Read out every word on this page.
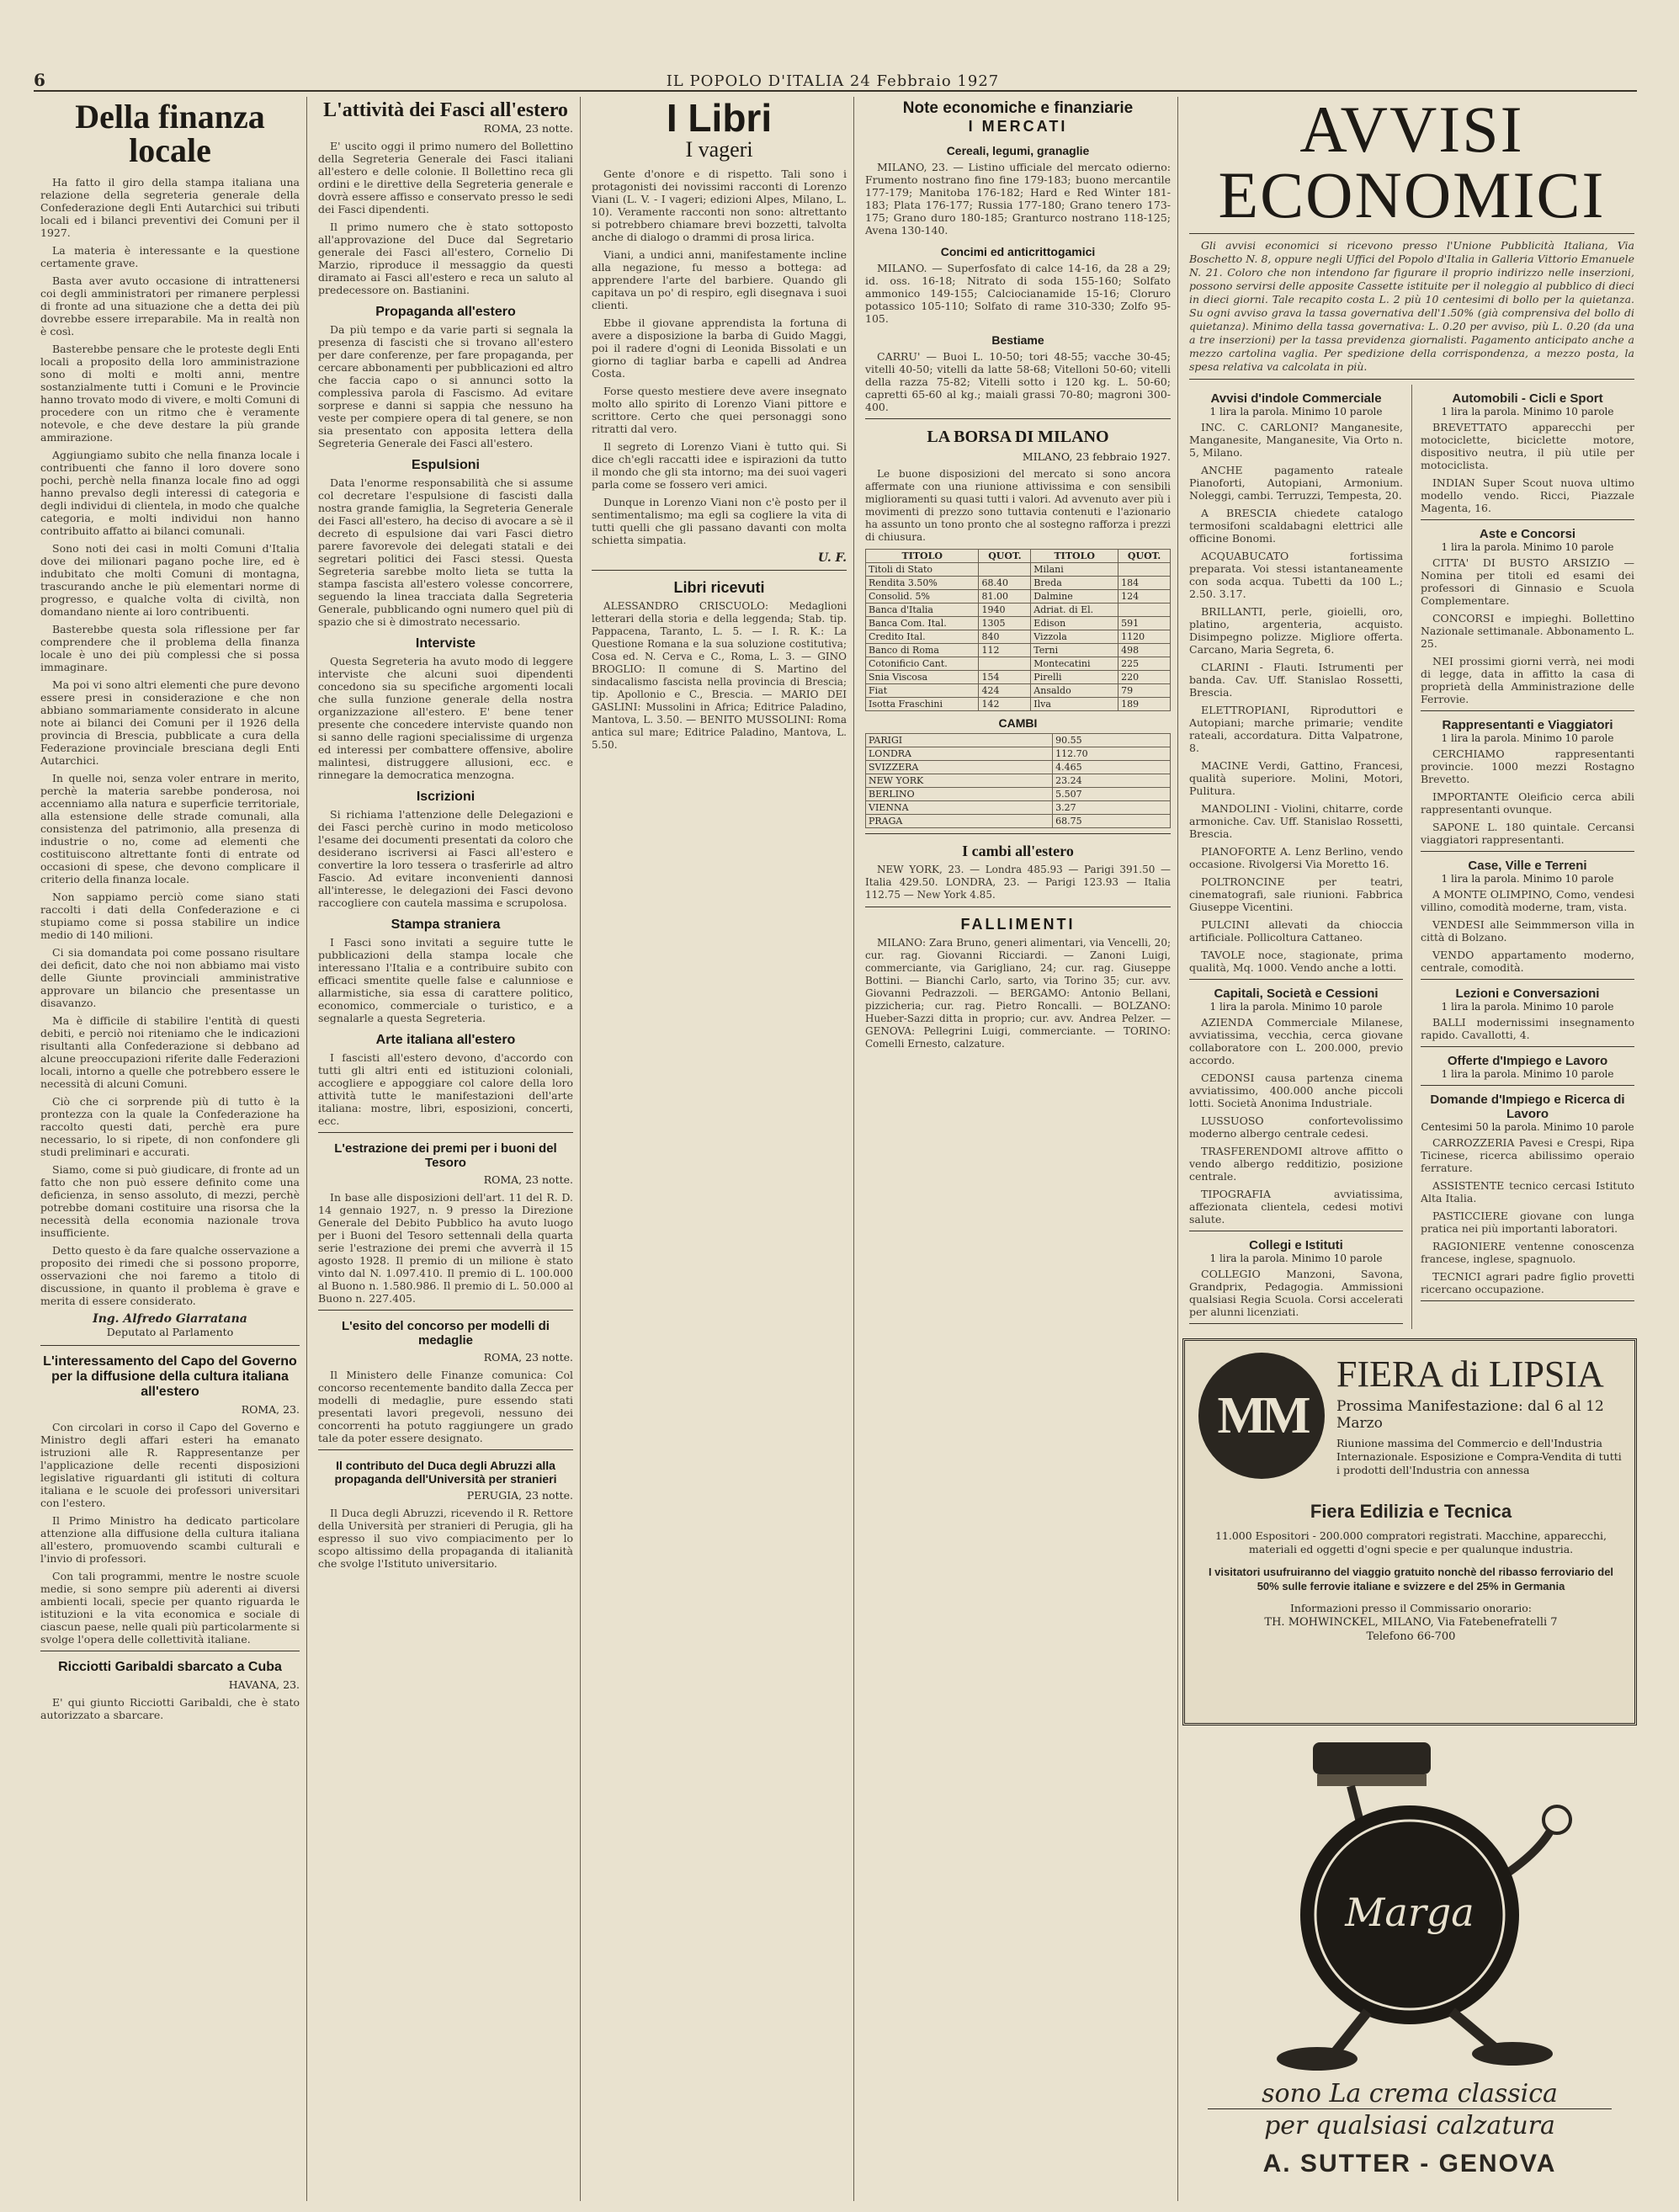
6	IL POPOLO D'ITALIA 24 Febbraio 1927
Della finanza locale

Ha fatto il giro della stampa italiana una relazione della segreteria generale della Confederazione degli Enti Autarchici sui tributi locali ed i bilanci preventivi dei Comuni per il 1927.

La materia è interessante e la questione certamente grave.

Basta aver avuto occasione di intrattenersi coi degli amministratori per rimanere perplessi di fronte ad una situazione che a detta dei più dovrebbe essere irreparabile. Ma in realtà non è così.

Basterebbe pensare che le proteste degli Enti locali a proposito della loro amministrazione sono di molti e molti anni, mentre sostanzialmente tutti i Comuni e le Provincie hanno trovato modo di vivere, e molti Comuni di procedere con un ritmo che è veramente notevole, e che deve destare la più grande ammirazione.

Aggiungiamo subito che nella finanza locale i contribuenti che fanno il loro dovere sono pochi, perchè nella finanza locale fino ad oggi hanno prevalso degli interessi di categoria e degli individui di clientela, in modo che qualche categoria, e molti individui non hanno contribuito affatto ai bilanci comunali.

Sono noti dei casi in molti Comuni d'Italia dove dei milionari pagano poche lire, ed è indubitato che molti Comuni di montagna, trascurando anche le più elementari norme di progresso, e qualche volta di civiltà, non domandano niente ai loro contribuenti.

Basterebbe questa sola riflessione per far comprendere che il problema della finanza locale è uno dei più complessi che si possa immaginare.

Ma poi vi sono altri elementi che pure devono essere presi in considerazione e che non abbiano sommariamente considerato in alcune note ai bilanci dei Comuni per il 1926 della provincia di Brescia, pubblicate a cura della Federazione provinciale bresciana degli Enti Autarchici.

In quelle noi, senza voler entrare in merito, perchè la materia sarebbe ponderosa, noi accenniamo alla natura e superficie territoriale, alla estensione delle strade comunali, alla consistenza del patrimonio, alla presenza di industrie o no, come ad elementi che costituiscono altrettante fonti di entrate od occasioni di spese, che devono complicare il criterio della finanza locale.

Non sappiamo perciò come siano stati raccolti i dati della Confederazione e ci stupiamo come si possa stabilire un indice medio di 140 milioni.

Ci sia domandata poi come possano risultare dei deficit, dato che noi non abbiamo mai visto delle Giunte provinciali amministrative approvare un bilancio che presentasse un disavanzo.

Ma è difficile di stabilire l'entità di questi debiti, e perciò noi riteniamo che le indicazioni risultanti alla Confederazione si debbano ad alcune preoccupazioni riferite dalle Federazioni locali, intorno a quelle che potrebbero essere le necessità di alcuni Comuni.

Ciò che ci sorprende più di tutto è la prontezza con la quale la Confederazione ha raccolto questi dati, perchè era pure necessario, lo si ripete, di non confondere gli studi preliminari e accurati.

Siamo, come si può giudicare, di fronte ad un fatto che non può essere definito come una deficienza, in senso assoluto, di mezzi, perchè potrebbe domani costituire una risorsa che la necessità della economia nazionale trova insufficiente.

Detto questo è da fare qualche osservazione a proposito dei rimedi che si possono proporre, osservazioni che noi faremo a titolo di discussione, in quanto il problema è grave e merita di essere considerato.

Ing. Alfredo Giarratana
Deputato al Parlamento
L'interessamento del Capo del Governo per la diffusione della cultura italiana all'estero
ROMA, 23.

Con circolari in corso il Capo del Governo e Ministro degli affari esteri ha emanato istruzioni alle R. Rappresentanze per l'applicazione delle recenti disposizioni legislative riguardanti gli istituti di coltura italiana e le scuole dei professori universitari con l'estero.

Il Primo Ministro ha dedicato particolare attenzione alla diffusione della cultura italiana all'estero, promuovendo scambi culturali e l'invio di professori.

Con tali programmi, mentre le nostre scuole medie, si sono sempre più aderenti ai diversi ambienti locali, specie per quanto riguarda le istituzioni e la vita economica e sociale di ciascun paese, nelle quali più particolarmente si svolge l'opera delle collettività italiane.

Ricciotti Garibaldi sbarcato a Cuba
HAVANA, 23.

E' qui giunto Ricciotti Garibaldi, che è stato autorizzato a sbarcare.

L'attività dei Fasci all'estero
ROMA, 23 notte.

E' uscito oggi il primo numero del Bollettino della Segreteria Generale dei Fasci italiani all'estero e delle colonie. Il Bollettino reca gli ordini e le direttive della Segreteria generale e dovrà essere affisso e conservato presso le sedi dei Fasci dipendenti.

Il primo numero che è stato sottoposto all'approvazione del Duce dal Segretario generale dei Fasci all'estero, Cornelio Di Marzio, riproduce il messaggio da questi diramato ai Fasci all'estero e reca un saluto al predecessore on. Bastianini.

Propaganda all'estero

Da più tempo e da varie parti si segnala la presenza di fascisti che si trovano all'estero per dare conferenze, per fare propaganda, per cercare abbonamenti per pubblicazioni ed altro che faccia capo o si annunci sotto la complessiva parola di Fascismo. Ad evitare sorprese e danni si sappia che nessuno ha veste per compiere opera di tal genere, se non sia presentato con apposita lettera della Segreteria Generale dei Fasci all'estero.

Espulsioni

Data l'enorme responsabilità che si assume col decretare l'espulsione di fascisti dalla nostra grande famiglia, la Segreteria Generale dei Fasci all'estero, ha deciso di avocare a sè il decreto di espulsione dai vari Fasci dietro parere favorevole dei delegati statali e dei segretari politici dei Fasci stessi. Questa Segreteria sarebbe molto lieta se tutta la stampa fascista all'estero volesse concorrere, seguendo la linea tracciata dalla Segreteria Generale, pubblicando ogni numero quel più di spazio che si è dimostrato necessario.

Interviste

Questa Segreteria ha avuto modo di leggere interviste che alcuni suoi dipendenti concedono sia su specifiche argomenti locali che sulla funzione generale della nostra organizzazione all'estero. E' bene tener presente che concedere interviste quando non si sanno delle ragioni specialissime di urgenza ed interessi per combattere offensive, abolire malintesi, distruggere allusioni, ecc. e rinnegare la democratica menzogna.

Iscrizioni

Si richiama l'attenzione delle Delegazioni e dei Fasci perchè curino in modo meticoloso l'esame dei documenti presentati da coloro che desiderano iscriversi ai Fasci all'estero e convertire la loro tessera o trasferirle ad altro Fascio. Ad evitare inconvenienti dannosi all'interesse, le delegazioni dei Fasci devono raccogliere con cautela massima e scrupolosa.

Stampa straniera

I Fasci sono invitati a seguire tutte le pubblicazioni della stampa locale che interessano l'Italia e a contribuire subito con efficaci smentite quelle false e calunniose e allarmistiche, sia essa di carattere politico, economico, commerciale o turistico, e a segnalarle a questa Segreteria.

Arte italiana all'estero

I fascisti all'estero devono, d'accordo con tutti gli altri enti ed istituzioni coloniali, accogliere e appoggiare col calore della loro attività tutte le manifestazioni dell'arte italiana: mostre, libri, esposizioni, concerti, ecc.

L'estrazione dei premi per i buoni del Tesoro
ROMA, 23 notte.

In base alle disposizioni dell'art. 11 del R. D. 14 gennaio 1927, n. 9 presso la Direzione Generale del Debito Pubblico ha avuto luogo per i Buoni del Tesoro settennali della quarta serie l'estrazione dei premi che avverrà il 15 agosto 1928. Il premio di un milione è stato vinto dal N. 1.097.410. Il premio di L. 100.000 al Buono n. 1.580.986. Il premio di L. 50.000 al Buono n. 227.405.

L'esito del concorso per modelli di medaglie
ROMA, 23 notte.

Il Ministero delle Finanze comunica: Col concorso recentemente bandito dalla Zecca per modelli di medaglie, pure essendo stati presentati lavori pregevoli, nessuno dei concorrenti ha potuto raggiungere un grado tale da poter essere designato.

Il contributo del Duca degli Abruzzi alla propaganda dell'Università per stranieri
PERUGIA, 23 notte.

Il Duca degli Abruzzi, ricevendo il R. Rettore della Università per stranieri di Perugia, gli ha espresso il suo vivo compiacimento per lo scopo altissimo della propaganda di italianità che svolge l'Istituto universitario.

I Libri
I vageri

Gente d'onore e di rispetto. Tali sono i protagonisti dei novissimi racconti di Lorenzo Viani (L. V. - I vageri; edizioni Alpes, Milano, L. 10). Veramente racconti non sono: altrettanto si potrebbero chiamare brevi bozzetti, talvolta anche di dialogo o drammi di prosa lirica.

Viani, a undici anni, manifestamente incline alla negazione, fu messo a bottega: ad apprendere l'arte del barbiere. Quando gli capitava un po' di respiro, egli disegnava i suoi clienti.

Ebbe il giovane apprendista la fortuna di avere a disposizione la barba di Guido Maggi, poi il radere d'ogni di Leonida Bissolati e un giorno di tagliar barba e capelli ad Andrea Costa.

Forse questo mestiere deve avere insegnato molto allo spirito di Lorenzo Viani pittore e scrittore. Certo che quei personaggi sono ritratti dal vero.

Il segreto di Lorenzo Viani è tutto qui. Si dice ch'egli raccatti idee e ispirazioni da tutto il mondo che gli sta intorno; ma dei suoi vageri parla come se fossero veri amici.

Dunque in Lorenzo Viani non c'è posto per il sentimentalismo; ma egli sa cogliere la vita di tutti quelli che gli passano davanti con molta schietta simpatia.

U. F.
Libri ricevuti

ALESSANDRO CRISCUOLO: Medaglioni letterari della storia e della leggenda; Stab. tip. Pappacena, Taranto, L. 5. — I. R. K.: La Questione Romana e la sua soluzione costitutiva; Cosa ed. N. Cerva e C., Roma, L. 3. — GINO BROGLIO: Il comune di S. Martino del sindacalismo fascista nella provincia di Brescia; tip. Apollonio e C., Brescia. — MARIO DEI GASLINI: Mussolini in Africa; Editrice Paladino, Mantova, L. 3.50. — BENITO MUSSOLINI: Roma antica sul mare; Editrice Paladino, Mantova, L. 5.50.

Note economiche e finanziarie
I MERCATI
Cereali, legumi, granaglie

MILANO, 23. — Listino ufficiale del mercato odierno: Frumento nostrano fino fine 179-183; buono mercantile 177-179; Manitoba 176-182; Hard e Red Winter 181-183; Plata 176-177; Russia 177-180; Grano tenero 173-175; Grano duro 180-185; Granturco nostrano 118-125; Avena 130-140.

Concimi ed anticrittogamici

MILANO. — Superfosfato di calce 14-16, da 28 a 29; id. oss. 16-18; Nitrato di soda 155-160; Solfato ammonico 149-155; Calciocianamide 15-16; Cloruro potassico 105-110; Solfato di rame 310-330; Zolfo 95-105.

Bestiame

CARRU' — Buoi L. 10-50; tori 48-55; vacche 30-45; vitelli 40-50; vitelli da latte 58-68; Vitelloni 50-60; vitelli della razza 75-82; Vitelli sotto i 120 kg. L. 50-60; capretti 65-60 al kg.; maiali grassi 70-80; magroni 300-400.

LA BORSA DI MILANO
MILANO, 23 febbraio 1927.

Le buone disposizioni del mercato si sono ancora affermate con una riunione attivissima e con sensibili miglioramenti su quasi tutti i valori. Ad avvenuto aver più i movimenti di prezzo sono tuttavia contenuti e l'azionario ha assunto un tono pronto che al sostegno rafforza i prezzi di chiusura.

TITOLO	QUOT.	TITOLO	QUOT.
Titoli di Stato		Milani	
Rendita 3.50%	68.40	Breda	184
Consolid. 5%	81.00	Dalmine	124
Banca d'Italia	1940	Adriat. di El.	
Banca Com. Ital.	1305	Edison	591
Credito Ital.	840	Vizzola	1120
Banco di Roma	112	Terni	498
Cotonificio Cant.		Montecatini	225
Snia Viscosa	154	Pirelli	220
Fiat	424	Ansaldo	79
Isotta Fraschini	142	Ilva	189
CAMBI
PARIGI	90.55
LONDRA	112.70
SVIZZERA	4.465
NEW YORK	23.24
BERLINO	5.507
VIENNA	3.27
PRAGA	68.75
I cambi all'estero

NEW YORK, 23. — Londra 485.93 — Parigi 391.50 — Italia 429.50. LONDRA, 23. — Parigi 123.93 — Italia 112.75 — New York 4.85.

FALLIMENTI

MILANO: Zara Bruno, generi alimentari, via Vencelli, 20; cur. rag. Giovanni Ricciardi. — Zanoni Luigi, commerciante, via Garigliano, 24; cur. rag. Giuseppe Bottini. — Bianchi Carlo, sarto, via Torino 35; cur. avv. Giovanni Pedrazzoli. — BERGAMO: Antonio Bellani, pizzicheria; cur. rag. Pietro Roncalli. — BOLZANO: Hueber-Sazzi ditta in proprio; cur. avv. Andrea Pelzer. — GENOVA: Pellegrini Luigi, commerciante. — TORINO: Comelli Ernesto, calzature.

AVVISI ECONOMICI

Gli avvisi economici si ricevono presso l'Unione Pubblicità Italiana, Via Boschetto N. 8, oppure negli Uffici del Popolo d'Italia in Galleria Vittorio Emanuele N. 21. Coloro che non intendono far figurare il proprio indirizzo nelle inserzioni, possono servirsi delle apposite Cassette istituite per il noleggio al pubblico di dieci in dieci giorni. Tale recapito costa L. 2 più 10 centesimi di bollo per la quietanza. Su ogni avviso grava la tassa governativa dell'1.50% (già comprensiva del bollo di quietanza). Minimo della tassa governativa: L. 0.20 per avviso, più L. 0.20 (da una a tre inserzioni) per la tassa previdenza giornalisti. Pagamento anticipato anche a mezzo cartolina vaglia. Per spedizione della corrispondenza, a mezzo posta, la spesa relativa va calcolata in più.

Avvisi d'indole Commerciale
1 lira la parola. Minimo 10 parole

INC. C. CARLONI? Manganesite, Manganesite, Manganesite, Via Orto n. 5, Milano.

ANCHE pagamento rateale Pianoforti, Autopiani, Armonium. Noleggi, cambi. Terruzzi, Tempesta, 20.

A BRESCIA chiedete catalogo termosifoni scaldabagni elettrici alle officine Bonomi.

ACQUABUCATO fortissima preparata. Voi stessi istantaneamente con soda acqua. Tubetti da 100 L.; 2.50. 3.17.

BRILLANTI, perle, gioielli, oro, platino, argenteria, acquisto. Disimpegno polizze. Migliore offerta. Carcano, Maria Segreta, 6.

CLARINI - Flauti. Istrumenti per banda. Cav. Uff. Stanislao Rossetti, Brescia.

ELETTROPIANI, Riproduttori e Autopiani; marche primarie; vendite rateali, accordatura. Ditta Valpatrone, 8.

MACINE Verdi, Gattino, Francesi, qualità superiore. Molini, Motori, Pulitura.

MANDOLINI - Violini, chitarre, corde armoniche. Cav. Uff. Stanislao Rossetti, Brescia.

PIANOFORTE A. Lenz Berlino, vendo occasione. Rivolgersi Via Moretto 16.

POLTRONCINE per teatri, cinematografi, sale riunioni. Fabbrica Giuseppe Vicentini.

PULCINI allevati da chioccia artificiale. Pollicoltura Cattaneo.

TAVOLE noce, stagionate, prima qualità, Mq. 1000. Vendo anche a lotti.

Capitali, Società e Cessioni
1 lira la parola. Minimo 10 parole

AZIENDA Commerciale Milanese, avviatissima, vecchia, cerca giovane collaboratore con L. 200.000, previo accordo.

CEDONSI causa partenza cinema avviatissimo, 400.000 anche piccoli lotti. Società Anonima Industriale.

LUSSUOSO confortevolissimo moderno albergo centrale cedesi.

TRASFERENDOMI altrove affitto o vendo albergo redditizio, posizione centrale.

TIPOGRAFIA avviatissima, affezionata clientela, cedesi motivi salute.

Collegi e Istituti
1 lira la parola. Minimo 10 parole

COLLEGIO Manzoni, Savona, Grandprix, Pedagogia. Ammissioni qualsiasi Regia Scuola. Corsi accelerati per alunni licenziati.

Automobili - Cicli e Sport
1 lira la parola. Minimo 10 parole

BREVETTATO apparecchi per motociclette, biciclette motore, dispositivo neutra, il più utile per motociclista.

INDIAN Super Scout nuova ultimo modello vendo. Ricci, Piazzale Magenta, 16.

Aste e Concorsi
1 lira la parola. Minimo 10 parole

CITTA' DI BUSTO ARSIZIO — Nomina per titoli ed esami dei professori di Ginnasio e Scuola Complementare.

CONCORSI e impieghi. Bollettino Nazionale settimanale. Abbonamento L. 25.

NEI prossimi giorni verrà, nei modi di legge, data in affitto la casa di proprietà della Amministrazione delle Ferrovie.

Rappresentanti e Viaggiatori
1 lira la parola. Minimo 10 parole

CERCHIAMO rappresentanti provincie. 1000 mezzi Rostagno Brevetto.

IMPORTANTE Oleificio cerca abili rappresentanti ovunque.

SAPONE L. 180 quintale. Cercansi viaggiatori rappresentanti.

Case, Ville e Terreni
1 lira la parola. Minimo 10 parole

A MONTE OLIMPINO, Como, vendesi villino, comodità moderne, tram, vista.

VENDESI alle Seimmmerson villa in città di Bolzano.

VENDO appartamento moderno, centrale, comodità.

Lezioni e Conversazioni
1 lira la parola. Minimo 10 parole

BALLI modernissimi insegnamento rapido. Cavallotti, 4.

Offerte d'Impiego e Lavoro
1 lira la parola. Minimo 10 parole
Domande d'Impiego e Ricerca di Lavoro
Centesimi 50 la parola. Minimo 10 parole

CARROZZERIA Pavesi e Crespi, Ripa Ticinese, ricerca abilissimo operaio ferrature.

ASSISTENTE tecnico cercasi Istituto Alta Italia.

PASTICCIERE giovane con lunga pratica nei più importanti laboratori.

RAGIONIERE ventenne conoscenza francese, inglese, spagnuolo.

TECNICI agrari padre figlio provetti ricercano occupazione.

MM
FIERA di LIPSIA
Prossima Manifestazione: dal 6 al 12 Marzo
Riunione massima del Commercio e dell'Industria Internazionale. Esposizione e Compra-Vendita di tutti i prodotti dell'Industria con annessa
Fiera Edilizia e Tecnica
11.000 Espositori - 200.000 compratori registrati. Macchine, apparecchi, materiali ed oggetti d'ogni specie e per qualunque industria.
I visitatori usufruiranno del viaggio gratuito nonchè del ribasso ferroviario del 50% sulle ferrovie italiane e svizzere e del 25% in Germania
Informazioni presso il Commissario onorario:
TH. MOHWINCKEL, MILANO, Via Fatebenefratelli 7
Telefono 66-700
Marga
sono La crema classica
per qualsiasi calzatura
A. SUTTER - GENOVA
